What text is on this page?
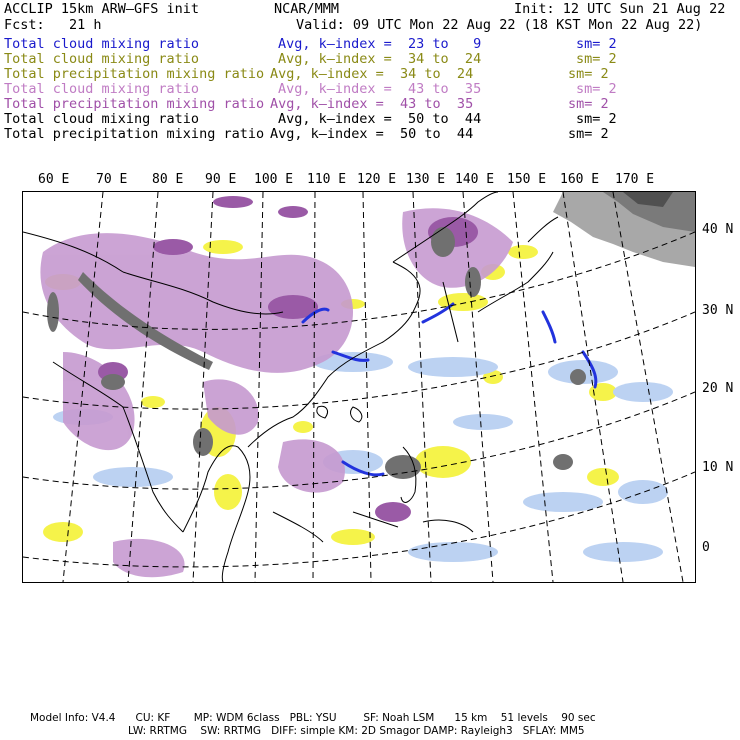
ACCLIP 15km ARW–GFS init	NCAR/MMM	Init: 12 UTC Sun 21 Aug 22
Fcst:   21 h	Valid: 09 UTC Mon 22 Aug 22 (18 KST Mon 22 Aug 22)
Total cloud mixing ratio	Avg, k–index =  23 to   9	sm= 2
Total cloud mixing ratio	Avg, k–index =  34 to  24	sm= 2
Total precipitation mixing ratio Avg, k–index =  34 to  24	sm= 2
Total cloud mixing ratio	Avg, k–index =  43 to  35	sm= 2
Total precipitation mixing ratio Avg, k–index =  43 to  35	sm= 2
Total cloud mixing ratio	Avg, k–index =  50 to  44	sm= 2
Total precipitation mixing ratio Avg, k–index =  50 to  44	sm= 2
60 E 70 E 80 E 90 E 100 E 110 E 120 E 130 E 140 E 150 E 160 E 170 E
40 N
30 N
20 N
10 N
0
Model Info: V4.4      CU: KF       MP: WDM 6class   PBL: YSU        SF: Noah LSM      15 km    51 levels    90 sec
LW: RRTMG    SW: RRTMG   DIFF: simple KM: 2D Smagor DAMP: Rayleigh3   SFLAY: MM5
